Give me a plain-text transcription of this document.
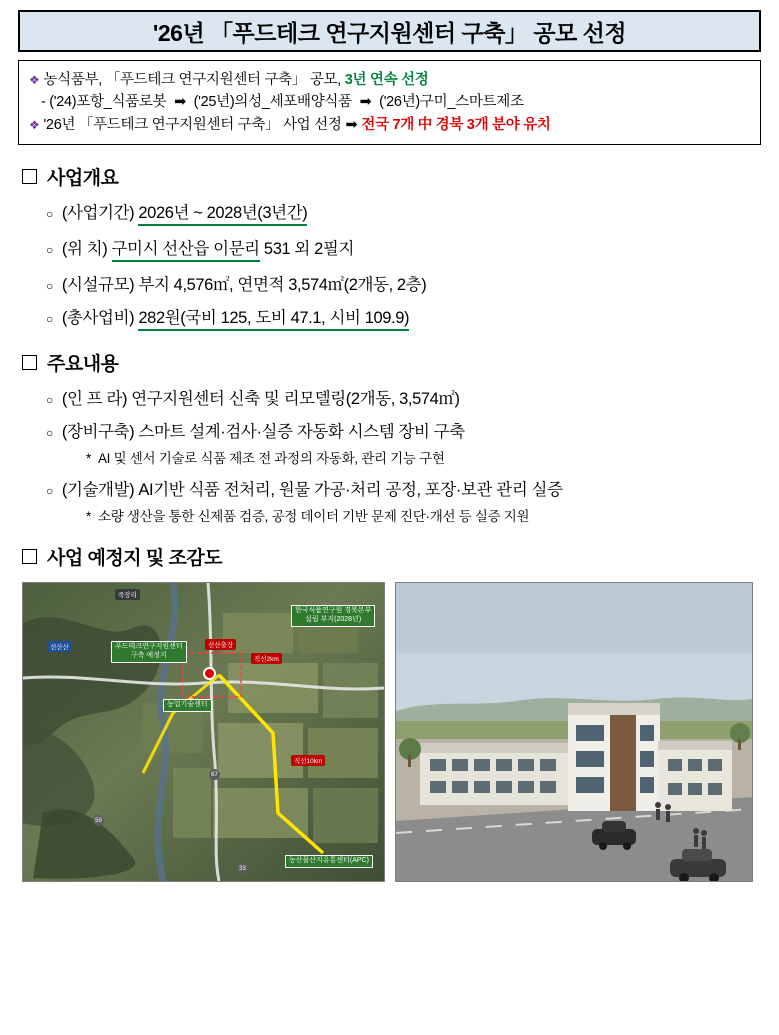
'26년 「푸드테크 연구지원센터 구축」 공모 선정
❖ 농식품부, 「푸드테크 연구지원센터 구축」 공모, 3년 연속 선정
- ('24)포항_식품로봇 ➡ ('25년)의성_세포배양식품 ➡ ('26년)구미_스마트제조
❖ '26년 「푸드테크 연구지원센터 구축」 사업 선정 ➡ 전국 7개 中 경북 3개 분야 유치
사업개요
○ (사업기간)
2026년 ~ 2028년(3년간)
○ (위 치)
구미시 선산읍 이문리
531 외 2필지
○ (시설규모)
부지 4,576㎡, 연면적 3,574㎡(2개동, 2층)
○ (총사업비)
282원(국비 125, 도비 47.1, 시비 109.9)
주요내용
○ (인 프 라)
연구지원센터 신축 및 리모델링(2개동, 3,574㎡)
○ (장비구축)
스마트 설계·검사·실증 자동화 시스템 장비 구축
* AI 및 센서 기술로 식품 제조 전 과정의 자동화, 관리 기능 구현
○ (기술개발)
AI기반 식품 전처리, 원물 가공·처리 공정, 포장·보관 관리 실증
* 소량 생산을 통한 신제품 검증, 공정 데이터 기반 문제 진단·개선 등 실증 지원
사업 예정지 및 조감도
푸드테크연구지원센터
구축 예정지
한국식품연구원 경북본부
설립 부지(2028년)
선산출장
선산산
농업기술센터
직선2km
직선10km
농산물산지유통센터(APC)
죽장리
33
59
67
